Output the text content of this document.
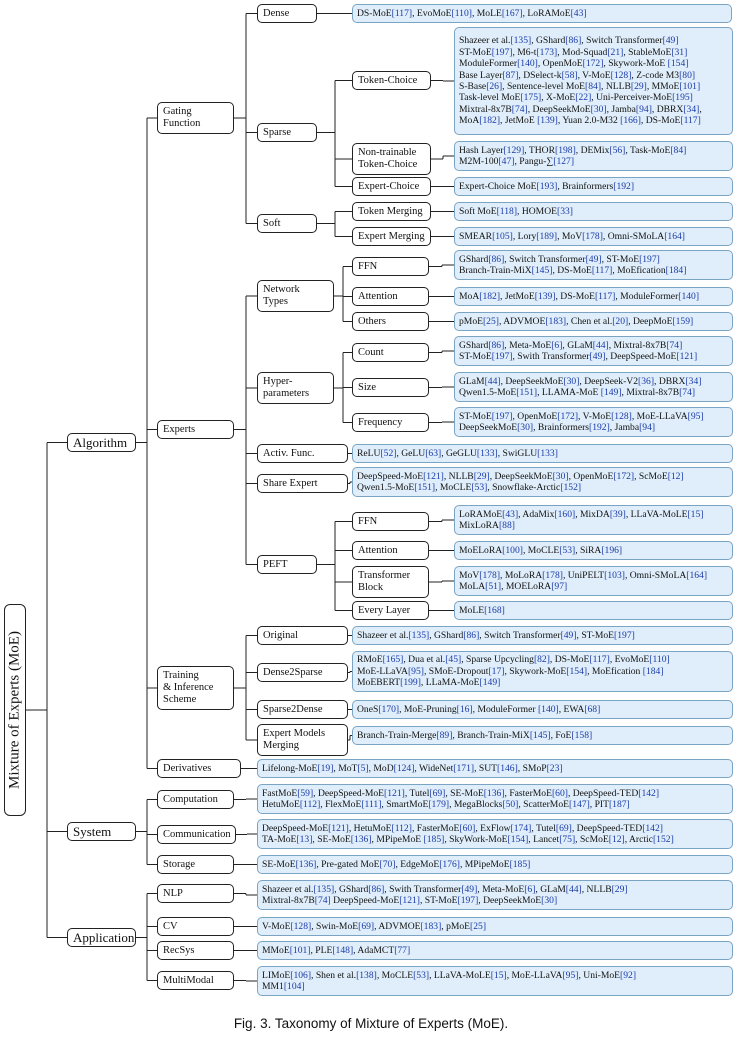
Mixture of Experts (MoE)
Algorithm
System
Application
Gating
Function
Experts
Training
& Inference
Scheme
Derivatives
Dense
Sparse
Soft
Token-Choice
Non-trainable
Token-Choice
Expert-Choice
Token Merging
Expert Merging
Network
Types
Hyper-
parameters
Activ. Func.
Share Expert
PEFT
FFN
Attention
Others
Count
Size
Frequency
FFN
Attention
Transformer
Block
Every Layer
Original
Dense2Sparse
Sparse2Dense
Expert Models
Merging
Computation
Communication
Storage
NLP
CV
RecSys
MultiModal
DS-MoE[117], EvoMoE[110], MoLE[167], LoRAMoE[43]
Shazeer et al.[135], GShard[86], Switch Transformer[49]
ST-MoE[197], M6-t[173], Mod-Squad[21], StableMoE[31]
ModuleFormer[140], OpenMoE[172], Skywork-MoE [154]
Base Layer[87], DSelect-k[58], V-MoE[128], Z-code M3[80]
S-Base[26], Sentence-level MoE[84], NLLB[29], MMoE[101]
Task-level MoE[175], X-MoE[22], Uni-Perceiver-MoE[195]
Mixtral-8x7B[74], DeepSeekMoE[30], Jamba[94], DBRX[34],
MoA[182], JetMoE [139], Yuan 2.0-M32 [166], DS-MoE[117]
Hash Layer[129], THOR[198], DEMix[56], Task-MoE[84]
M2M-100[47], Pangu-∑[127]
Expert-Choice MoE[193], Brainformers[192]
Soft MoE[118], HOMOE[33]
SMEAR[105], Lory[189], MoV[178], Omni-SMoLA[164]
GShard[86], Switch Transformer[49], ST-MoE[197]
Branch-Train-MiX[145], DS-MoE[117], MoEfication[184]
MoA[182], JetMoE[139], DS-MoE[117], ModuleFormer[140]
pMoE[25], ADVMOE[183], Chen et al.[20], DeepMoE[159]
GShard[86], Meta-MoE[6], GLaM[44], Mixtral-8x7B[74]
ST-MoE[197], Swith Transformer[49], DeepSpeed-MoE[121]
GLaM[44], DeepSeekMoE[30], DeepSeek-V2[36], DBRX[34]
Qwen1.5-MoE[151], LLAMA-MoE [149], Mixtral-8x7B[74]
ST-MoE[197], OpenMoE[172], V-MoE[128], MoE-LLaVA[95]
DeepSeekMoE[30], Brainformers[192], Jamba[94]
ReLU[52], GeLU[63], GeGLU[133], SwiGLU[133]
DeepSpeed-MoE[121], NLLB[29], DeepSeekMoE[30], OpenMoE[172], ScMoE[12]
Qwen1.5-MoE[151], MoCLE[53], Snowflake-Arctic[152]
LoRAMoE[43], AdaMix[160], MixDA[39], LLaVA-MoLE[15]
MixLoRA[88]
MoELoRA[100], MoCLE[53], SiRA[196]
MoV[178], MoLoRA[178], UniPELT[103], Omni-SMoLA[164]
MoLA[51], MOELoRA[97]
MoLE[168]
Shazeer et al.[135], GShard[86], Switch Transformer[49], ST-MoE[197]
RMoE[165], Dua et al.[45], Sparse Upcycling[82], DS-MoE[117], EvoMoE[110]
MoE-LLaVA[95], SMoE-Dropout[17], Skywork-MoE[154], MoEfication [184]
MoEBERT[199], LLaMA-MoE[149]
OneS[170], MoE-Pruning[16], ModuleFormer [140], EWA[68]
Branch-Train-Merge[89], Branch-Train-MiX[145], FoE[158]
Lifelong-MoE[19], MoT[5], MoD[124], WideNet[171], SUT[146], SMoP[23]
FastMoE[59], DeepSpeed-MoE[121], Tutel[69], SE-MoE[136], FasterMoE[60], DeepSpeed-TED[142]
HetuMoE[112], FlexMoE[111], SmartMoE[179], MegaBlocks[50], ScatterMoE[147], PIT[187]
DeepSpeed-MoE[121], HetuMoE[112], FasterMoE[60], ExFlow[174], Tutel[69], DeepSpeed-TED[142]
TA-MoE[13], SE-MoE[136], MPipeMoE [185], SkyWork-MoE[154], Lancet[75], ScMoE[12], Arctic[152]
SE-MoE[136], Pre-gated MoE[70], EdgeMoE[176], MPipeMoE[185]
Shazeer et al.[135], GShard[86], Swith Transformer[49], Meta-MoE[6], GLaM[44], NLLB[29]
Mixtral-8x7B[74] DeepSpeed-MoE[121], ST-MoE[197], DeepSeekMoE[30]
V-MoE[128], Swin-MoE[69], ADVMOE[183], pMoE[25]
MMoE[101], PLE[148], AdaMCT[77]
LIMoE[106], Shen et al.[138], MoCLE[53], LLaVA-MoLE[15], MoE-LLaVA[95], Uni-MoE[92]
MM1[104]
Fig. 3. Taxonomy of Mixture of Experts (MoE).
